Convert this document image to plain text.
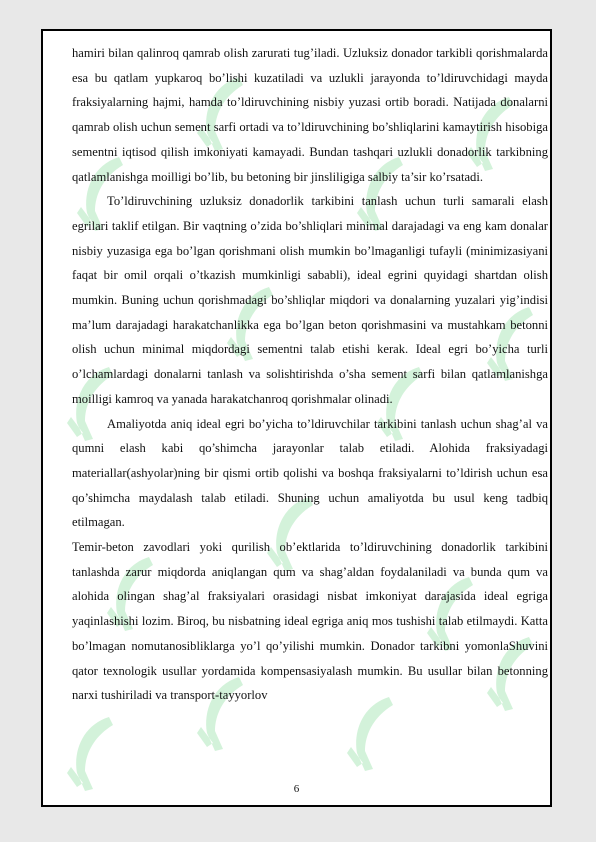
hamiri bilan qalinroq qamrab olish zarurati tug’iladi. Uzluksiz donador tarkibli qorishmalarda esa bu qatlam yupkaroq bo’lishi kuzatiladi va uzlukli jarayonda to’ldiruvchidagi mayda fraksiyalarning hajmi, hamda to’ldiruvchining nisbiy yuzasi ortib boradi. Natijada donalarni qamrab olish uchun sement sarfi ortadi va to’ldiruvchining bo’shliqlarini kamaytirish hisobiga sementni iqtisod qilish imkoniyati kamayadi. Bundan tashqari uzlukli donadorlik tarkibning qatlamlanishga moilligi bo’lib, bu betoning bir jinsliligiga salbiy ta’sir ko’rsatadi.

To’ldiruvchining uzluksiz donadorlik tarkibini tanlash uchun turli samarali elash egrilari taklif etilgan. Bir vaqtning o’zida bo’shliqlari minimal darajadagi va eng kam donalar nisbiy yuzasiga ega bo’lgan qorishmani olish mumkin bo’lmaganligi tufayli (minimizasiyani faqat bir omil orqali o’tkazish mumkinligi sababli), ideal egrini quyidagi shartdan olish mumkin. Buning uchun qorishmadagi bo’shliqlar miqdori va donalarning yuzalari yig’indisi ma’lum darajadagi harakatchanlikka ega bo’lgan beton qorishmasini va mustahkam betonni olish uchun minimal miqdordagi sementni talab etishi kerak. Ideal egri bo’yicha turli o’lchamlardagi donalarni tanlash va solishtirishda o’sha sement sarfi bilan qatlamlanishga moilligi kamroq va yanada harakatchanroq qorishmalar olinadi.

Amaliyotda aniq ideal egri bo’yicha to’ldiruvchilar tarkibini tanlash uchun shag’al va qumni elash kabi qo’shimcha jarayonlar talab etiladi. Alohida fraksiyadagi materiallar(ashyolar)ning bir qismi ortib qolishi va boshqa fraksiyalarni to’ldirish uchun esa qo’shimcha maydalash talab etiladi. Shuning uchun amaliyotda bu usul keng tadbiq etilmagan.

Temir-beton zavodlari yoki qurilish ob’ektlarida to’ldiruvchining donadorlik tarkibini tanlashda zarur miqdorda aniqlangan qum va shag’aldan foydalaniladi va bunda qum va alohida olingan shag’al fraksiyalari orasidagi nisbat imkoniyat darajasida ideal egriga yaqinlashishi lozim. Biroq, bu nisbatning ideal egriga aniq mos tushishi talab etilmaydi. Katta bo’lmagan nomutanosibliklarga yo’l qo’yilishi mumkin. Donador tarkibni yomonlaShuvini qator texnologik usullar yordamida kompensasiyalash mumkin. Bu usullar bilan betonning narxi tushiriladi va transport-tayyorlov

6
